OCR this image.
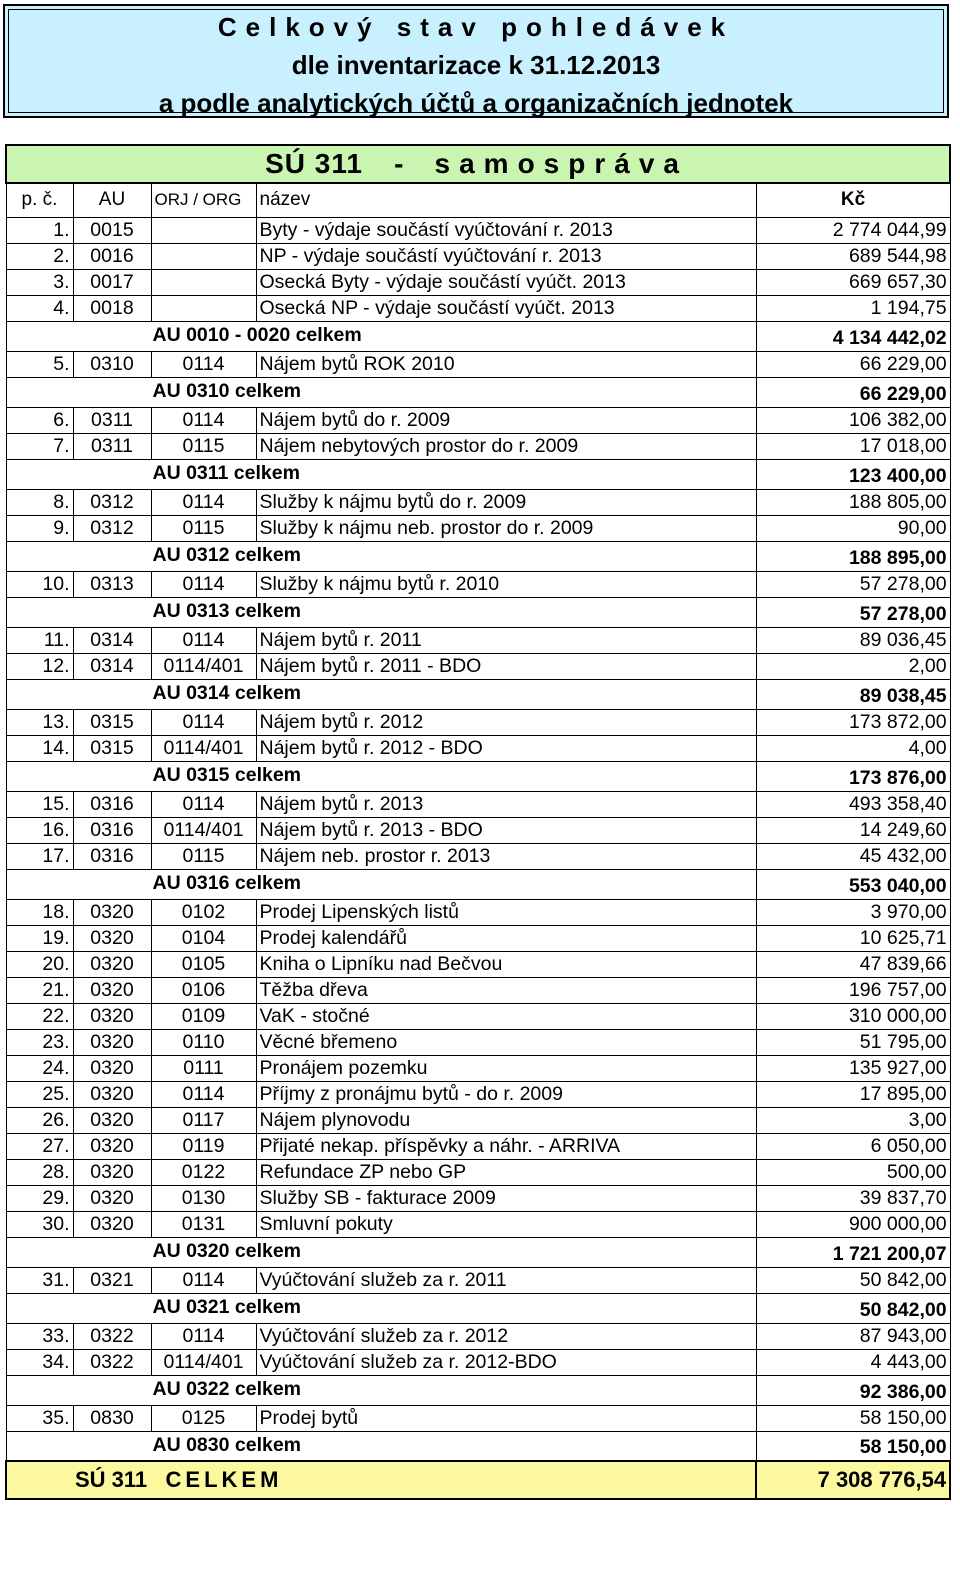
Celkový stav pohledávek
dle inventarizace k 31.12.2013
a podle analytických účtů a organizačních jednotek
SÚ 311 - samospráva				
p. č.	AU	ORJ / ORG	název	Kč
1.	0015		Byty - výdaje součástí vyúčtování r. 2013	2 774 044,99
2.	0016		NP - výdaje součástí vyúčtování r. 2013	689 544,98
3.	0017		Osecká Byty - výdaje součástí vyúčt. 2013	669 657,30
4.	0018		Osecká NP - výdaje součástí vyúčt. 2013	1 194,75
AU 0010 - 0020 celkem				4 134 442,02
5.	0310	0114	Nájem bytů ROK 2010	66 229,00
AU 0310 celkem				66 229,00
6.	0311	0114	Nájem bytů do r. 2009	106 382,00
7.	0311	0115	Nájem nebytových prostor do r. 2009	17 018,00
AU 0311 celkem				123 400,00
8.	0312	0114	Služby k nájmu bytů do r. 2009	188 805,00
9.	0312	0115	Služby k nájmu neb. prostor do r. 2009	90,00
AU 0312 celkem				188 895,00
10.	0313	0114	Služby k nájmu bytů r. 2010	57 278,00
AU 0313 celkem				57 278,00
11.	0314	0114	Nájem bytů r. 2011	89 036,45
12.	0314	0114/401	Nájem bytů r. 2011 - BDO	2,00
AU 0314 celkem				89 038,45
13.	0315	0114	Nájem bytů r. 2012	173 872,00
14.	0315	0114/401	Nájem bytů r. 2012 - BDO	4,00
AU 0315 celkem				173 876,00
15.	0316	0114	Nájem bytů r. 2013	493 358,40
16.	0316	0114/401	Nájem bytů r. 2013 - BDO	14 249,60
17.	0316	0115	Nájem neb. prostor r. 2013	45 432,00
AU 0316 celkem				553 040,00
18.	0320	0102	Prodej Lipenských listů	3 970,00
19.	0320	0104	Prodej kalendářů	10 625,71
20.	0320	0105	Kniha o Lipníku nad Bečvou	47 839,66
21.	0320	0106	Těžba dřeva	196 757,00
22.	0320	0109	VaK - stočné	310 000,00
23.	0320	0110	Věcné břemeno	51 795,00
24.	0320	0111	Pronájem pozemku	135 927,00
25.	0320	0114	Příjmy z pronájmu bytů - do r. 2009	17 895,00
26.	0320	0117	Nájem plynovodu	3,00
27.	0320	0119	Přijaté nekap. příspěvky a náhr. - ARRIVA	6 050,00
28.	0320	0122	Refundace ZP nebo GP	500,00
29.	0320	0130	Služby SB - fakturace 2009	39 837,70
30.	0320	0131	Smluvní pokuty	900 000,00
AU 0320 celkem				1 721 200,07
31.	0321	0114	Vyúčtování služeb za r. 2011	50 842,00
AU 0321 celkem				50 842,00
33.	0322	0114	Vyúčtování služeb za r. 2012	87 943,00
34.	0322	0114/401	Vyúčtování služeb za r. 2012-BDO	4 443,00
AU 0322 celkem				92 386,00
35.	0830	0125	Prodej bytů	58 150,00
AU 0830 celkem				58 150,00
SÚ 311 CELKEM				7 308 776,54
